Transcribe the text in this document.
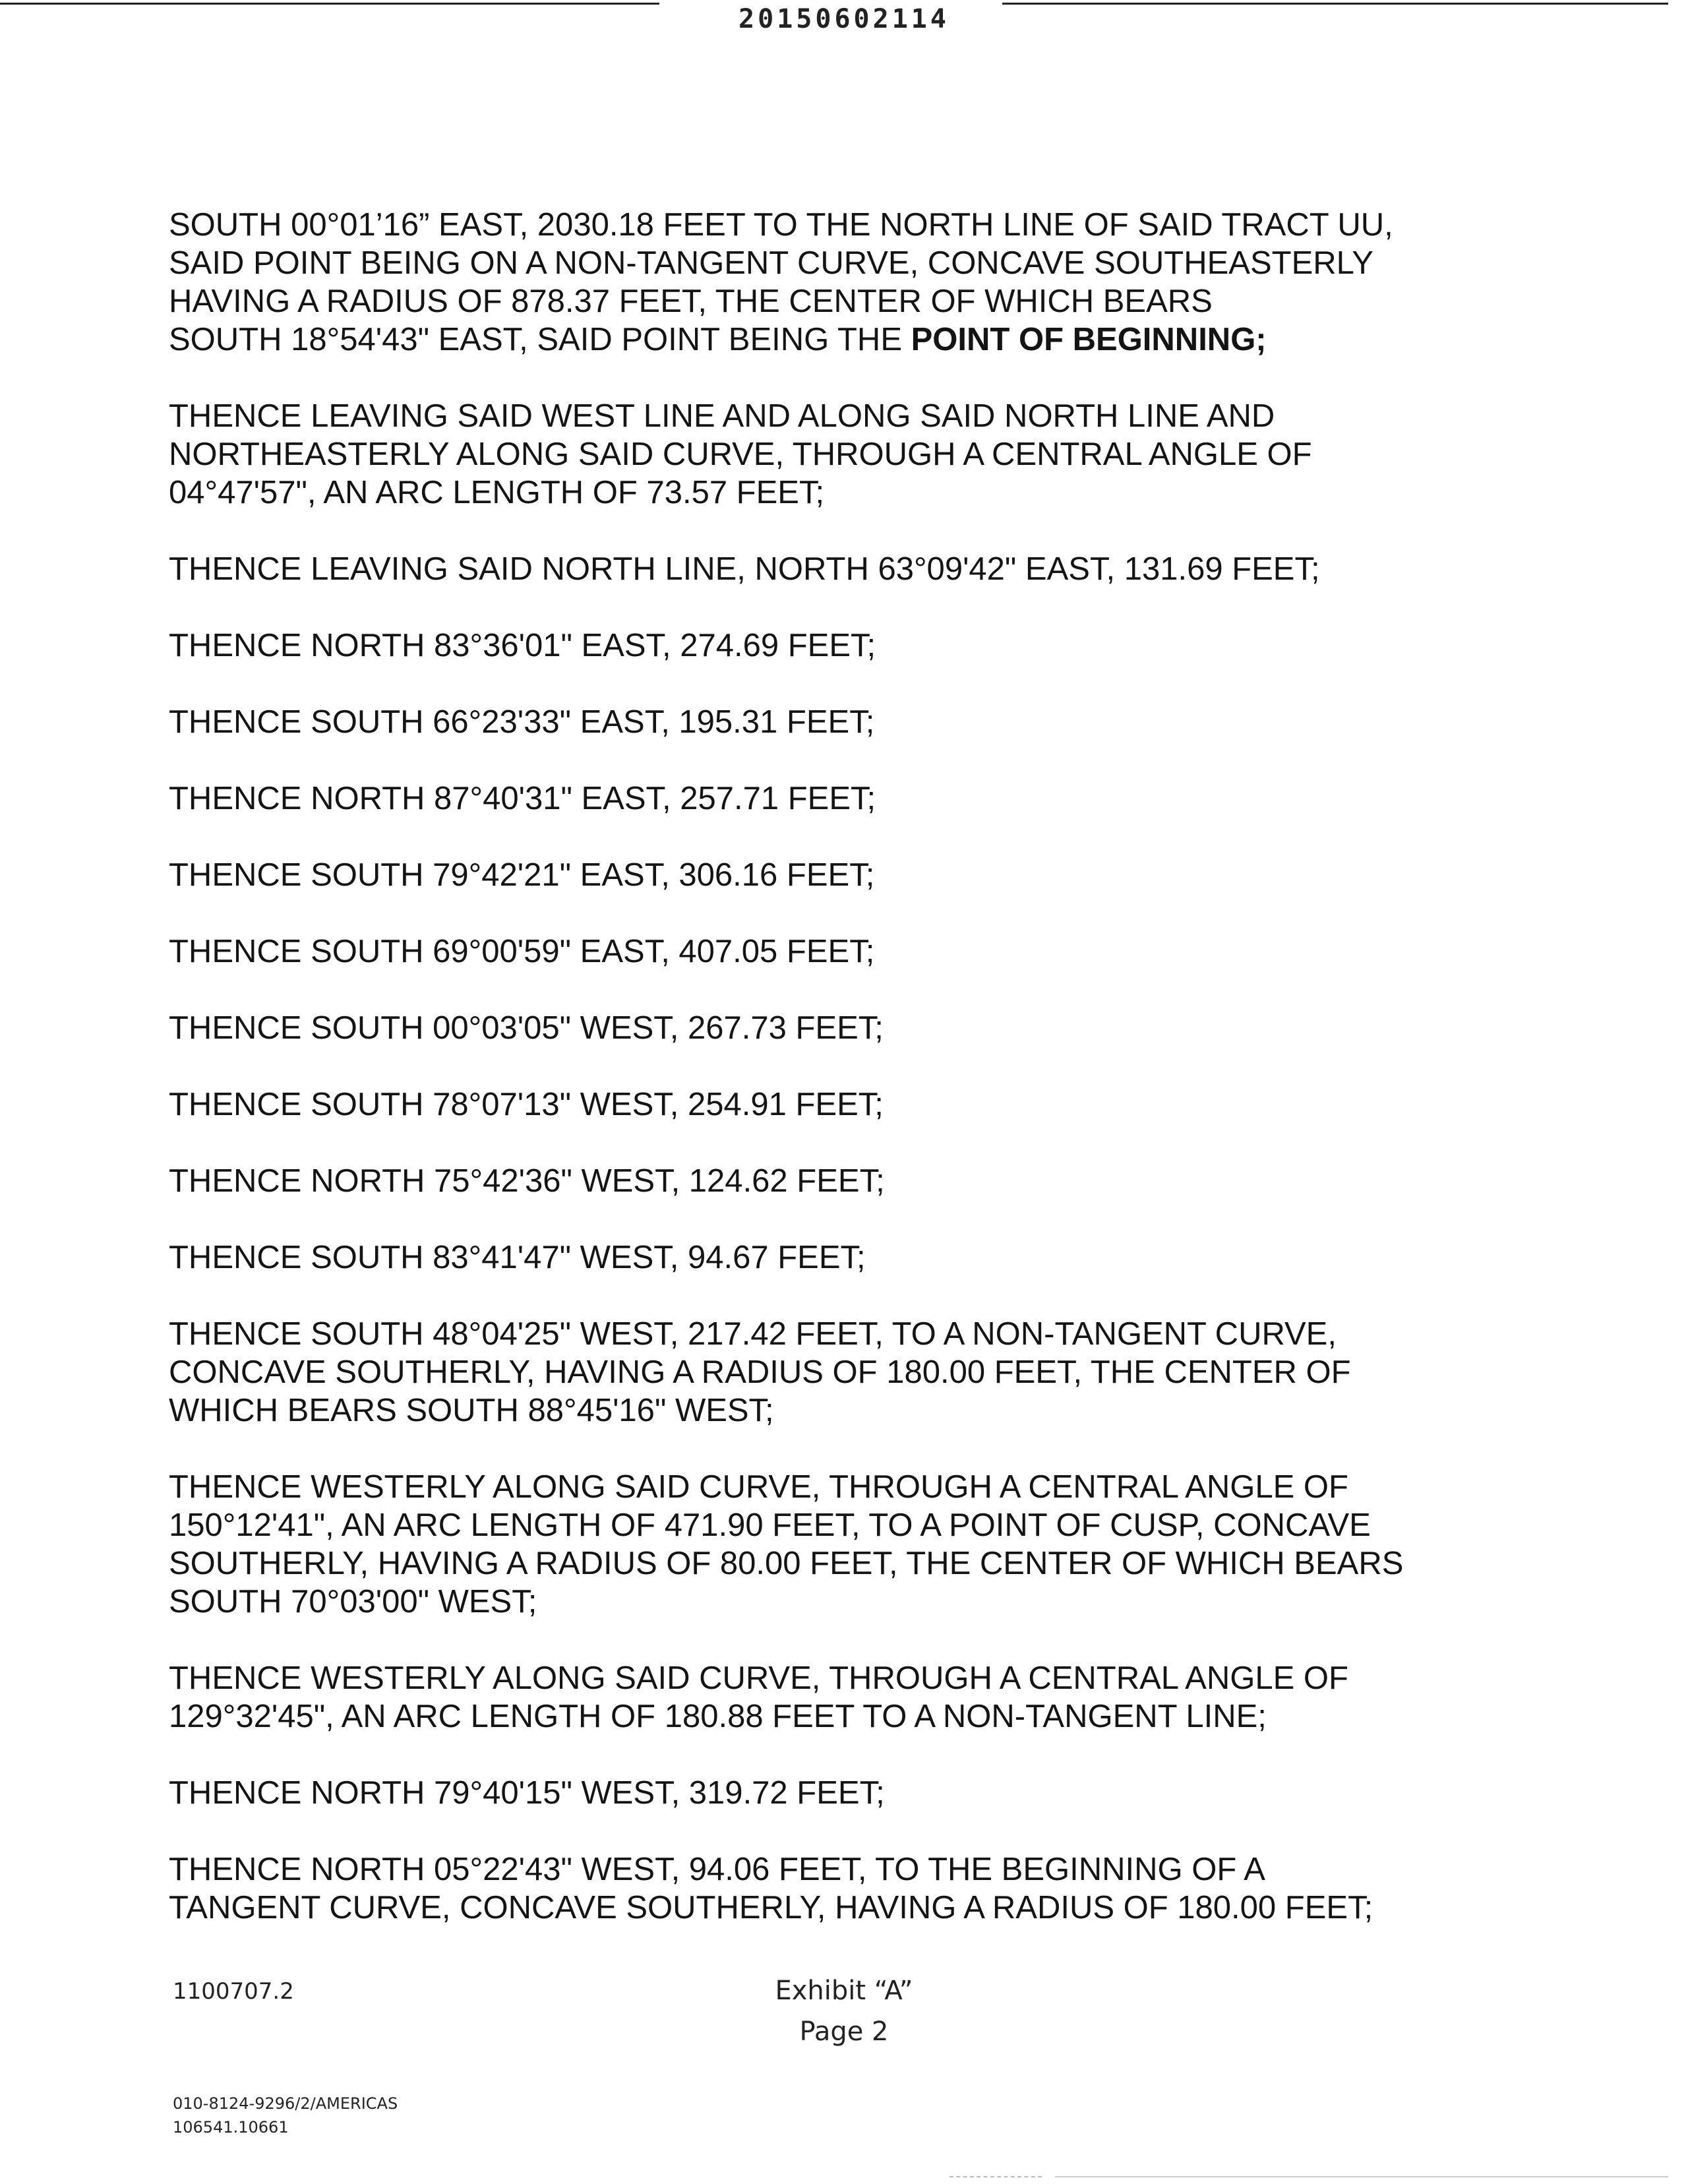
20150602114

SOUTH 00°01’16” EAST, 2030.18 FEET TO THE NORTH LINE OF SAID TRACT UU,
SAID POINT BEING ON A NON-TANGENT CURVE, CONCAVE SOUTHEASTERLY
HAVING A RADIUS OF 878.37 FEET, THE CENTER OF WHICH BEARS
SOUTH 18°54'43" EAST, SAID POINT BEING THE POINT OF BEGINNING;

THENCE LEAVING SAID WEST LINE AND ALONG SAID NORTH LINE AND
NORTHEASTERLY ALONG SAID CURVE, THROUGH A CENTRAL ANGLE OF
04°47'57", AN ARC LENGTH OF 73.57 FEET;

THENCE LEAVING SAID NORTH LINE, NORTH 63°09'42" EAST, 131.69 FEET;

THENCE NORTH 83°36'01" EAST, 274.69 FEET;

THENCE SOUTH 66°23'33" EAST, 195.31 FEET;

THENCE NORTH 87°40'31" EAST, 257.71 FEET;

THENCE SOUTH 79°42'21" EAST, 306.16 FEET;

THENCE SOUTH 69°00'59" EAST, 407.05 FEET;

THENCE SOUTH 00°03'05" WEST, 267.73 FEET;

THENCE SOUTH 78°07'13" WEST, 254.91 FEET;

THENCE NORTH 75°42'36" WEST, 124.62 FEET;

THENCE SOUTH 83°41'47" WEST, 94.67 FEET;

THENCE SOUTH 48°04'25" WEST, 217.42 FEET, TO A NON-TANGENT CURVE,
CONCAVE SOUTHERLY, HAVING A RADIUS OF 180.00 FEET, THE CENTER OF
WHICH BEARS SOUTH 88°45'16" WEST;

THENCE WESTERLY ALONG SAID CURVE, THROUGH A CENTRAL ANGLE OF
150°12'41", AN ARC LENGTH OF 471.90 FEET, TO A POINT OF CUSP, CONCAVE
SOUTHERLY, HAVING A RADIUS OF 80.00 FEET, THE CENTER OF WHICH BEARS
SOUTH 70°03'00" WEST;

THENCE WESTERLY ALONG SAID CURVE, THROUGH A CENTRAL ANGLE OF
129°32'45", AN ARC LENGTH OF 180.88 FEET TO A NON-TANGENT LINE;

THENCE NORTH 79°40'15" WEST, 319.72 FEET;

THENCE NORTH 05°22'43" WEST, 94.06 FEET, TO THE BEGINNING OF A
TANGENT CURVE, CONCAVE SOUTHERLY, HAVING A RADIUS OF 180.00 FEET;

1100707.2	Exhibit “A”
Page 2
010-8124-9296/2/AMERICAS
106541.10661
